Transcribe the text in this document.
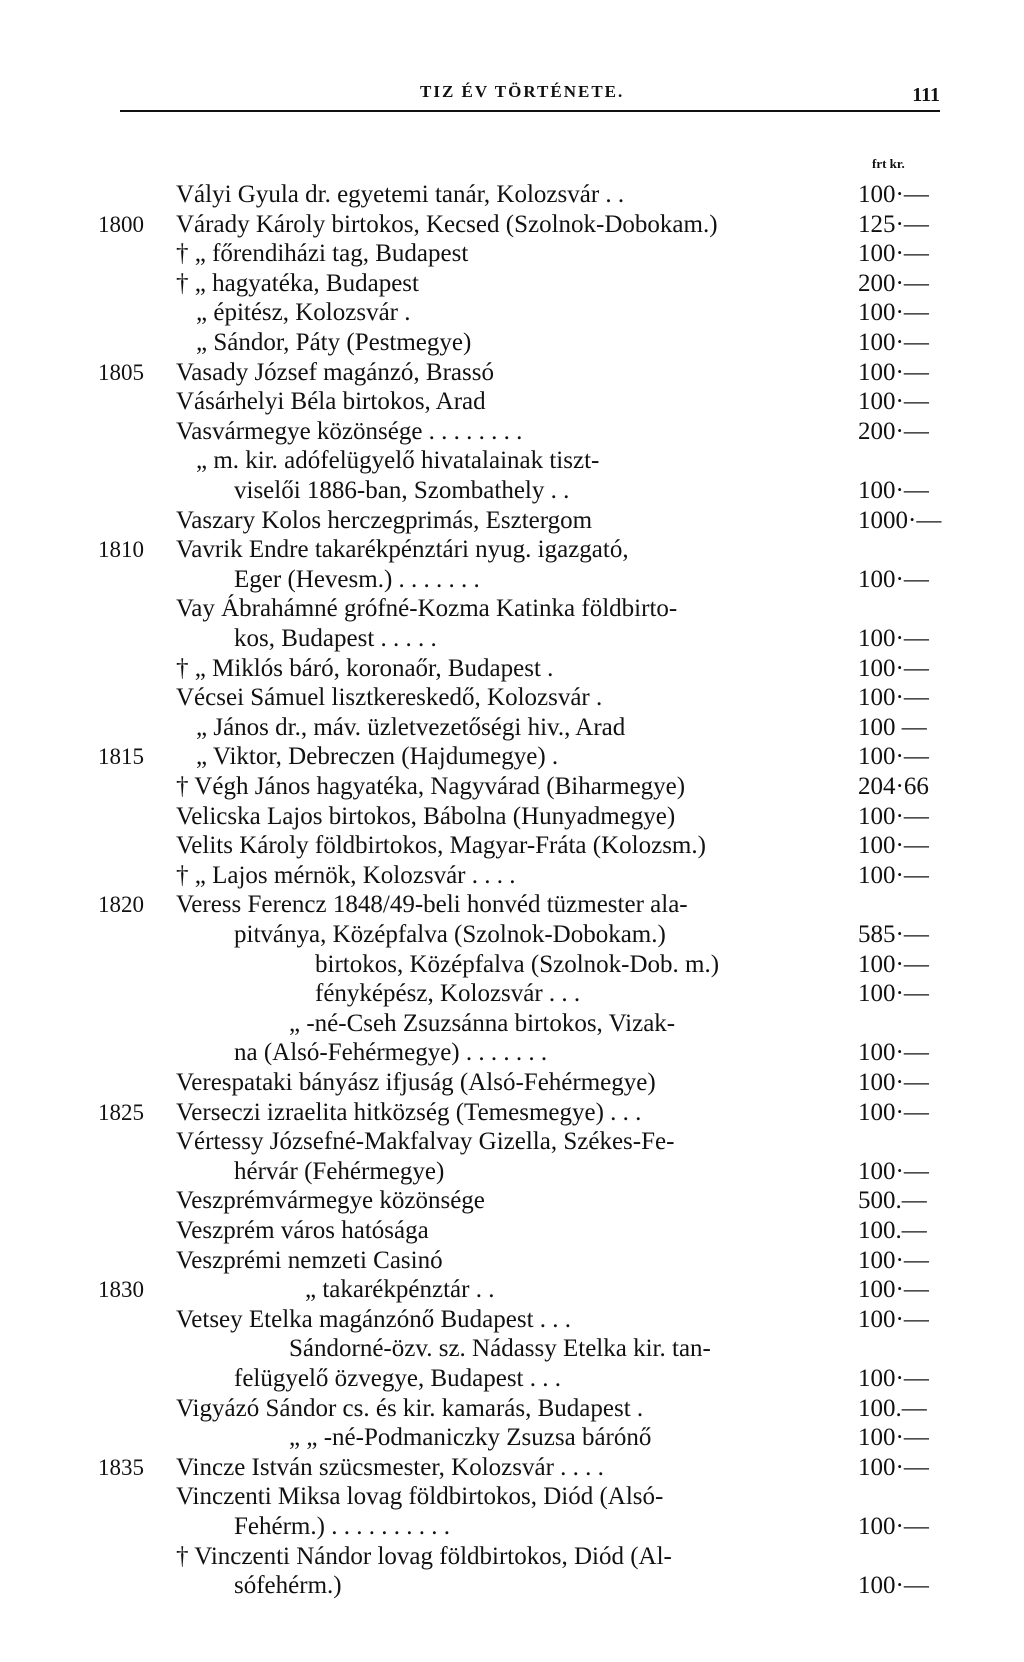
TIZ ÉV TÖRTÉNETE.	111
frt kr.
Vályi Gyula dr. egyetemi tanár, Kolozsvár . .	100·—
1800	Várady Károly birtokos, Kecsed (Szolnok-Dobokam.)	125·—
† „ főrendiházi tag, Budapest	100·—
† „ hagyatéka, Budapest	200·—
„ épitész, Kolozsvár .	100·—
„ Sándor, Páty (Pestmegye)	100·—
1805	Vasady József magánzó, Brassó	100·—
Vásárhelyi Béla birtokos, Arad	100·—
Vasvármegye közönsége . . . . . . . .	200·—
„ m. kir. adófelügyelő hivatalainak tiszt-
viselői 1886-ban, Szombathely . .	100·—
Vaszary Kolos herczegprimás, Esztergom	1000·—
1810	Vavrik Endre takarékpénztári nyug. igazgató,
Eger (Hevesm.) . . . . . . .	100·—
Vay Ábrahámné grófné-Kozma Katinka földbirto-
kos, Budapest . . . . .	100·—
† „ Miklós báró, koronaőr, Budapest .	100·—
Vécsei Sámuel lisztkereskedő, Kolozsvár .	100·—
„ János dr., máv. üzletvezetőségi hiv., Arad	100 —
1815	„ Viktor, Debreczen (Hajdumegye) .	100·—
† Végh János hagyatéka, Nagyvárad (Biharmegye)	204·66
Velicska Lajos birtokos, Bábolna (Hunyadmegye)	100·—
Velits Károly földbirtokos, Magyar-Fráta (Kolozsm.)	100·—
† „ Lajos mérnök, Kolozsvár . . . .	100·—
1820	Veress Ferencz 1848/49-beli honvéd tüzmester ala-
pitványa, Középfalva (Szolnok-Dobokam.)	585·—
birtokos, Középfalva (Szolnok-Dob. m.)	100·—
fényképész, Kolozsvár . . .	100·—
„ -né-Cseh Zsuzsánna birtokos, Vizak-
na (Alsó-Fehérmegye) . . . . . . .	100·—
Verespataki bányász ifjuság (Alsó-Fehérmegye)	100·—
1825	Verseczi izraelita hitközség (Temesmegye) . . .	100·—
Vértessy Józsefné-Makfalvay Gizella, Székes-Fe-
hérvár (Fehérmegye)	100·—
Veszprémvármegye közönsége	500.—
Veszprém város hatósága	100.—
Veszprémi nemzeti Casinó	100·—
1830	„ takarékpénztár . .	100·—
Vetsey Etelka magánzónő Budapest . . .	100·—
Sándorné-özv. sz. Nádassy Etelka kir. tan-
felügyelő özvegye, Budapest . . .	100·—
Vigyázó Sándor cs. és kir. kamarás, Budapest .	100.—
„ „ -né-Podmaniczky Zsuzsa bárónő	100·—
1835	Vincze István szücsmester, Kolozsvár . . . .	100·—
Vinczenti Miksa lovag földbirtokos, Diód (Alsó-
Fehérm.) . . . . . . . . . .	100·—
† Vinczenti Nándor lovag földbirtokos, Diód (Al-
sófehérm.)	100·—
